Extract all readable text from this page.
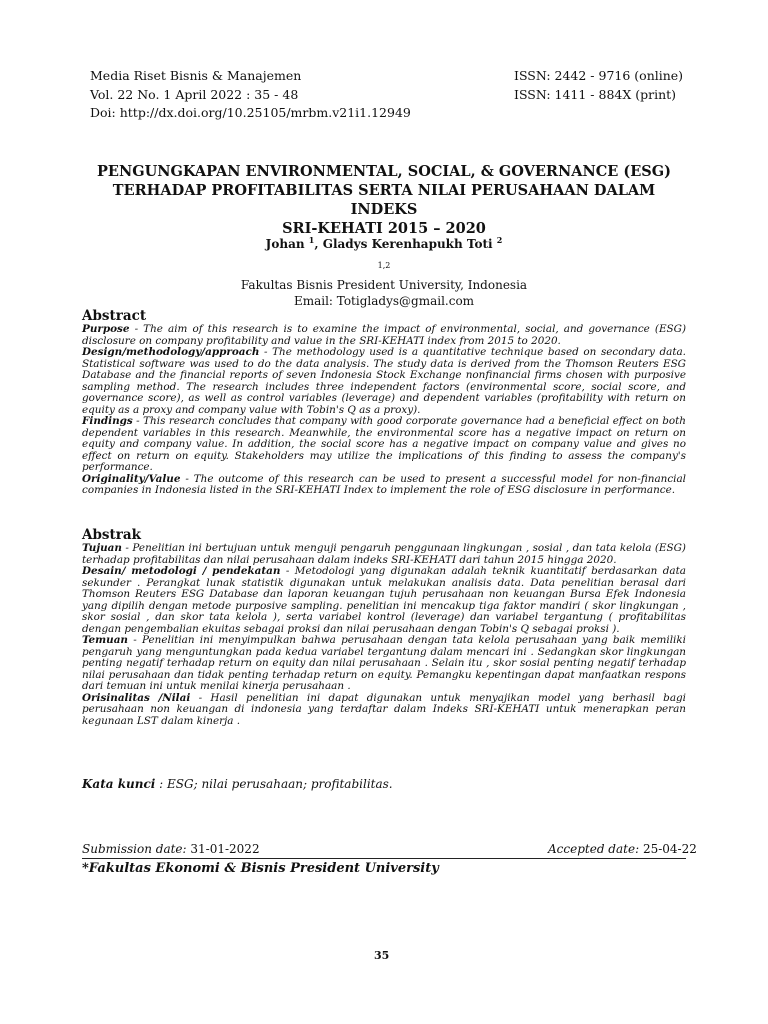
Media Riset Bisnis & Manajemen
Vol. 22 No. 1 April 2022 : 35 - 48
Doi: http://dx.doi.org/10.25105/mrbm.v21i1.12949
ISSN: 2442 - 9716 (online)
ISSN: 1411 - 884X (print)
PENGUNGKAPAN ENVIRONMENTAL, SOCIAL, & GOVERNANCE (ESG)
TERHADAP PROFITABILITAS SERTA NILAI PERUSAHAAN DALAM INDEKS
SRI-KEHATI 2015 – 2020
Johan $^1$, Gladys Kerenhapukh Toti $^2$
$^{1,2}$
Fakultas Bisnis President University, Indonesia
Email: Totigladys@gmail.com
Abstract

Purpose - The aim of this research is to examine the impact of environmental, social, and governance (ESG) disclosure on company profitability and value in the SRI-KEHATI index from 2015 to 2020.

Design/methodology/approach - The methodology used is a quantitative technique based on secondary data. Statistical software was used to do the data analysis. The study data is derived from the Thomson Reuters ESG Database and the financial reports of seven Indonesia Stock Exchange nonfinancial firms chosen with purposive sampling method. The research includes three independent factors (environmental score, social score, and governance score), as well as control variables (leverage) and dependent variables (profitability with return on equity as a proxy and company value with Tobin's Q as a proxy).

Findings - This research concludes that company with good corporate governance had a beneficial effect on both dependent variables in this research. Meanwhile, the environmental score has a negative impact on return on equity and company value. In addition, the social score has a negative impact on company value and gives no effect on return on equity. Stakeholders may utilize the implications of this finding to assess the company's performance.

Originality/Value - The outcome of this research can be used to present a successful model for non-financial companies in Indonesia listed in the SRI-KEHATI Index to implement the role of ESG disclosure in performance.

Abstrak

Tujuan - Penelitian ini bertujuan untuk menguji pengaruh penggunaan lingkungan , sosial , dan tata kelola (ESG) terhadap profitabilitas dan nilai perusahaan dalam indeks SRI-KEHATI dari tahun 2015 hingga 2020.

Desain/ metodologi / pendekatan - Metodologi yang digunakan adalah teknik kuantitatif berdasarkan data sekunder . Perangkat lunak statistik digunakan untuk melakukan analisis data. Data penelitian berasal dari Thomson Reuters ESG Database dan laporan keuangan tujuh perusahaan non keuangan Bursa Efek Indonesia yang dipilih dengan metode purposive sampling. penelitian ini mencakup tiga faktor mandiri ( skor lingkungan , skor sosial , dan skor tata kelola ), serta variabel kontrol (leverage) dan variabel tergantung ( profitabilitas dengan pengembalian ekuitas sebagai proksi dan nilai perusahaan dengan Tobin's Q sebagai proksi ).

Temuan - Penelitian ini menyimpulkan bahwa perusahaan dengan tata kelola perusahaan yang baik memiliki pengaruh yang menguntungkan pada kedua variabel tergantung dalam mencari ini . Sedangkan skor lingkungan penting negatif terhadap return on equity dan nilai perusahaan . Selain itu , skor sosial penting negatif terhadap nilai perusahaan dan tidak penting terhadap return on equity. Pemangku kepentingan dapat manfaatkan respons dari temuan ini untuk menilai kinerja perusahaan .

Orisinalitas /Nilai - Hasil penelitian ini dapat digunakan untuk menyajikan model yang berhasil bagi perusahaan non keuangan di indonesia yang terdaftar dalam Indeks SRI-KEHATI untuk menerapkan peran kegunaan LST dalam kinerja .

Kata kunci : ESG; nilai perusahaan; profitabilitas.
Submission date: 31-01-2022	Accepted date: 25-04-22
*Fakultas Ekonomi & Bisnis President University
35
